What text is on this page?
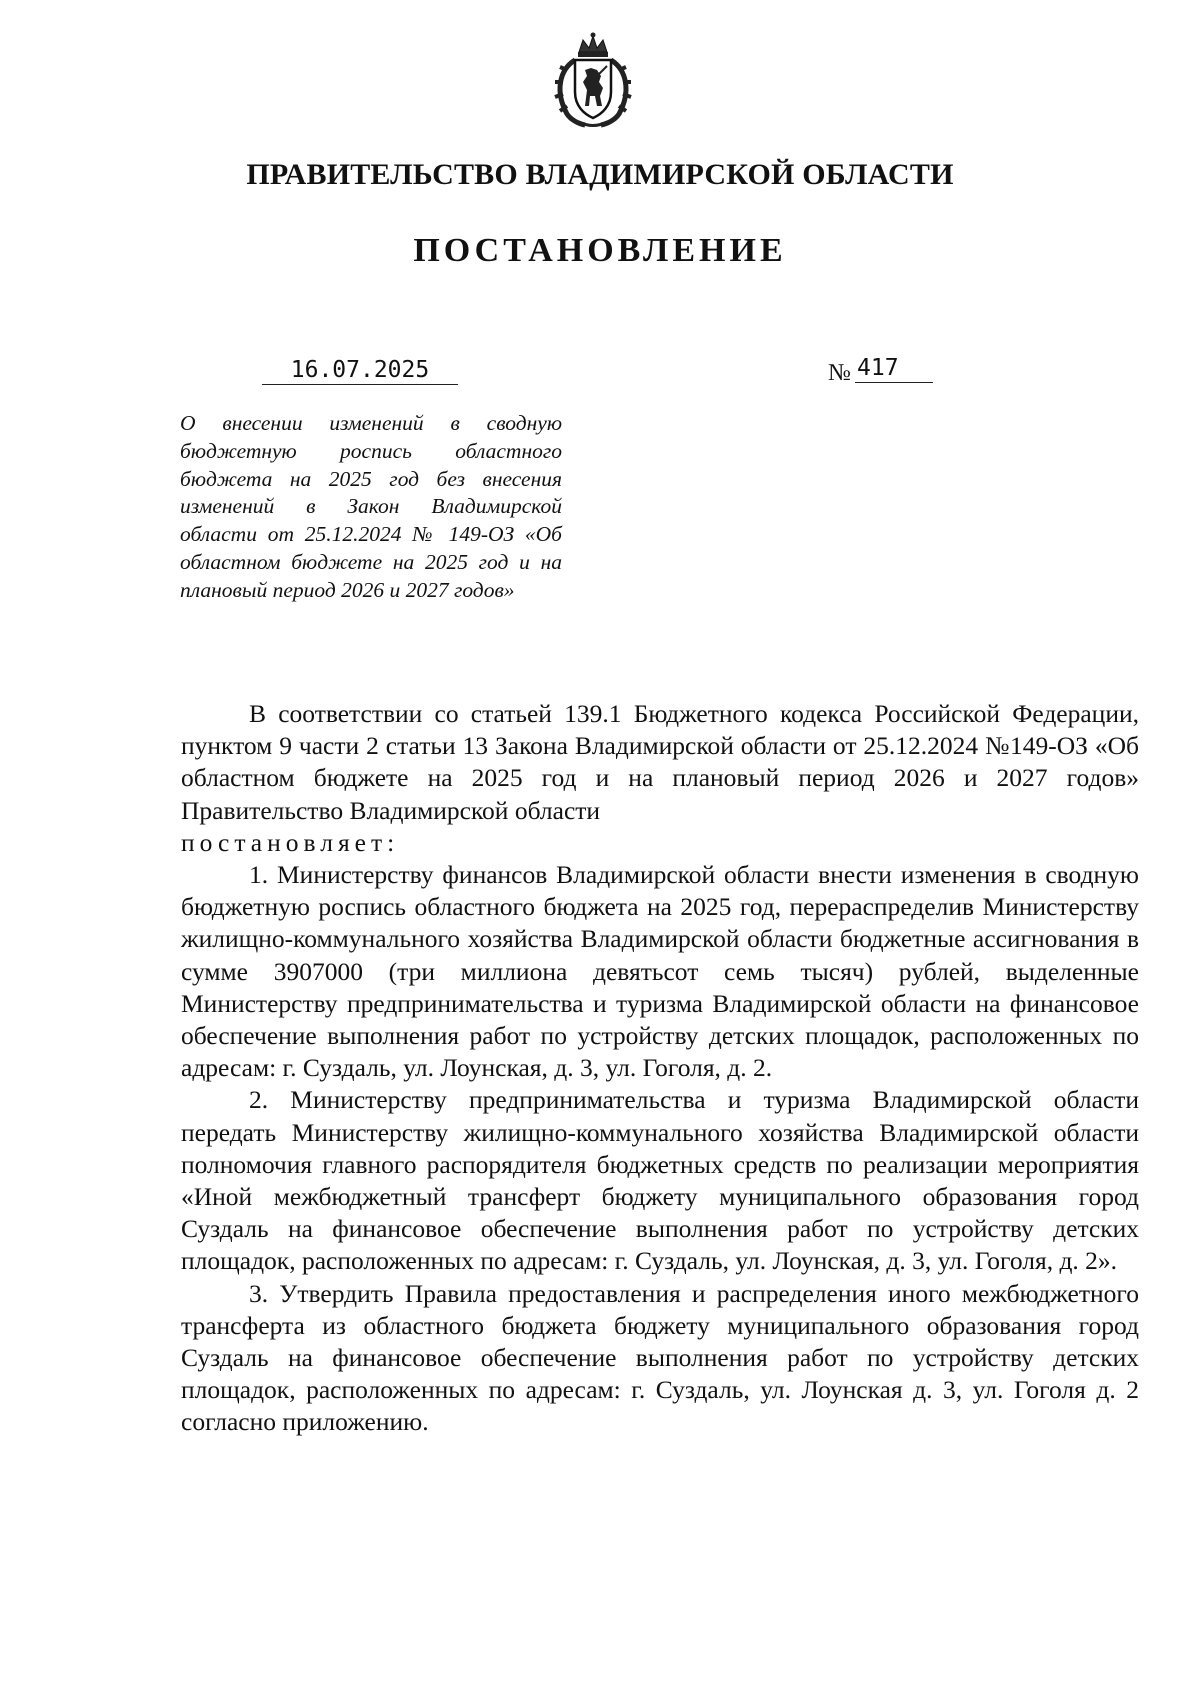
ПРАВИТЕЛЬСТВО ВЛАДИМИРСКОЙ ОБЛАСТИ
ПОСТАНОВЛЕНИЕ
16.07.2025	№ 417
О внесении изменений в сводную бюджетную роспись областного бюджета на 2025 год без внесения изменений в Закон Владимирской области от 25.12.2024 № 149-ОЗ «Об областном бюджете на 2025 год и на плановый период 2026 и 2027 годов»

В соответствии со статьей 139.1 Бюджетного кодекса Российской Федерации, пунктом 9 части 2 статьи 13 Закона Владимирской области от 25.12.2024 №149-ОЗ «Об областном бюджете на 2025 год и на плановый период 2026 и 2027 годов» Правительство Владимирской области

постановляет:

1. Министерству финансов Владимирской области внести изменения в сводную бюджетную роспись областного бюджета на 2025 год, перераспределив Министерству жилищно-коммунального хозяйства Владимирской области бюджетные ассигнования в сумме 3907000 (три миллиона девятьсот семь тысяч) рублей, выделенные Министерству предпринимательства и туризма Владимирской области на финансовое обеспечение выполнения работ по устройству детских площадок, расположенных по адресам: г. Суздаль, ул. Лоунская, д. 3, ул. Гоголя, д. 2.

2. Министерству предпринимательства и туризма Владимирской области передать Министерству жилищно-коммунального хозяйства Владимирской области полномочия главного распорядителя бюджетных средств по реализации мероприятия «Иной межбюджетный трансферт бюджету муниципального образования город Суздаль на финансовое обеспечение выполнения работ по устройству детских площадок, расположенных по адресам: г. Суздаль, ул. Лоунская, д. 3, ул. Гоголя, д. 2».

3. Утвердить Правила предоставления и распределения иного межбюджетного трансферта из областного бюджета бюджету муниципального образования город Суздаль на финансовое обеспечение выполнения работ по устройству детских площадок, расположенных по адресам: г. Суздаль, ул. Лоунская д. 3, ул. Гоголя д. 2 согласно приложению.
